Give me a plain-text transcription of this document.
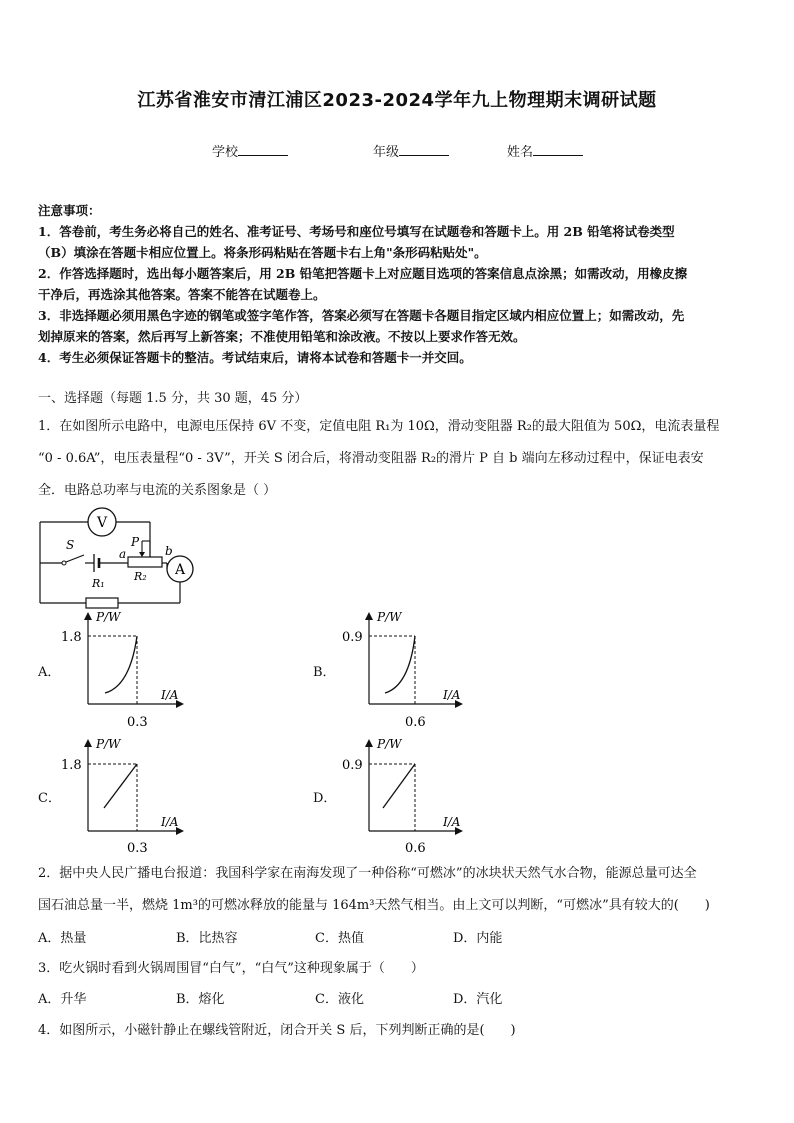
江苏省淮安市清江浦区2023-2024学年九上物理期末调研试题
学校	年级	姓名
注意事项：
1．答卷前，考生务必将自己的姓名、准考证号、考场号和座位号填写在试题卷和答题卡上。用 2B 铅笔将试卷类型
（B）填涂在答题卡相应位置上。将条形码粘贴在答题卡右上角"条形码粘贴处"。
2．作答选择题时，选出每小题答案后，用 2B 铅笔把答题卡上对应题目选项的答案信息点涂黑；如需改动，用橡皮擦
干净后，再选涂其他答案。答案不能答在试题卷上。
3．非选择题必须用黑色字迹的钢笔或签字笔作答，答案必须写在答题卡各题目指定区域内相应位置上；如需改动，先
划掉原来的答案，然后再写上新答案；不准使用铅笔和涂改液。不按以上要求作答无效。
4．考生必须保证答题卡的整洁。考试结束后，请将本试卷和答题卡一并交回。
一、选择题（每题 1.5 分，共 30 题，45 分）
1．在如图所示电路中，电源电压保持 6V 不变，定值电阻 R₁为 10Ω，滑动变阻器 R₂的最大阻值为 50Ω，电流表量程
“0 - 0.6A”，电压表量程“0 - 3V”，开关 S 闭合后，将滑动变阻器 R₂的滑片 P 自 b 端向左移动过程中，保证电表安
全．电路总功率与电流的关系图象是（ ）
V
S
a
R₂
P
b
A
R₁
A．
P/W
I/A
1.8
0.3
B．
P/W
I/A
0.9
0.6
C．
P/W
I/A
1.8
0.3
D．
P/W
I/A
0.9
0.6
2．据中央人民广播电台报道：我国科学家在南海发现了一种俗称“可燃冰”的冰块状天然气水合物，能源总量可达全
国石油总量一半，燃烧 1m³的可燃冰释放的能量与 164m³天然气相当。由上文可以判断，“可燃冰”具有较大的(　　)
A．热量	B．比热容	C．热值	D．内能
3．吃火锅时看到火锅周围冒“白气”，“白气”这种现象属于（　　）
A．升华	B．熔化	C．液化	D．汽化
4．如图所示，小磁针静止在螺线管附近，闭合开关 S 后，下列判断正确的是(　　)
